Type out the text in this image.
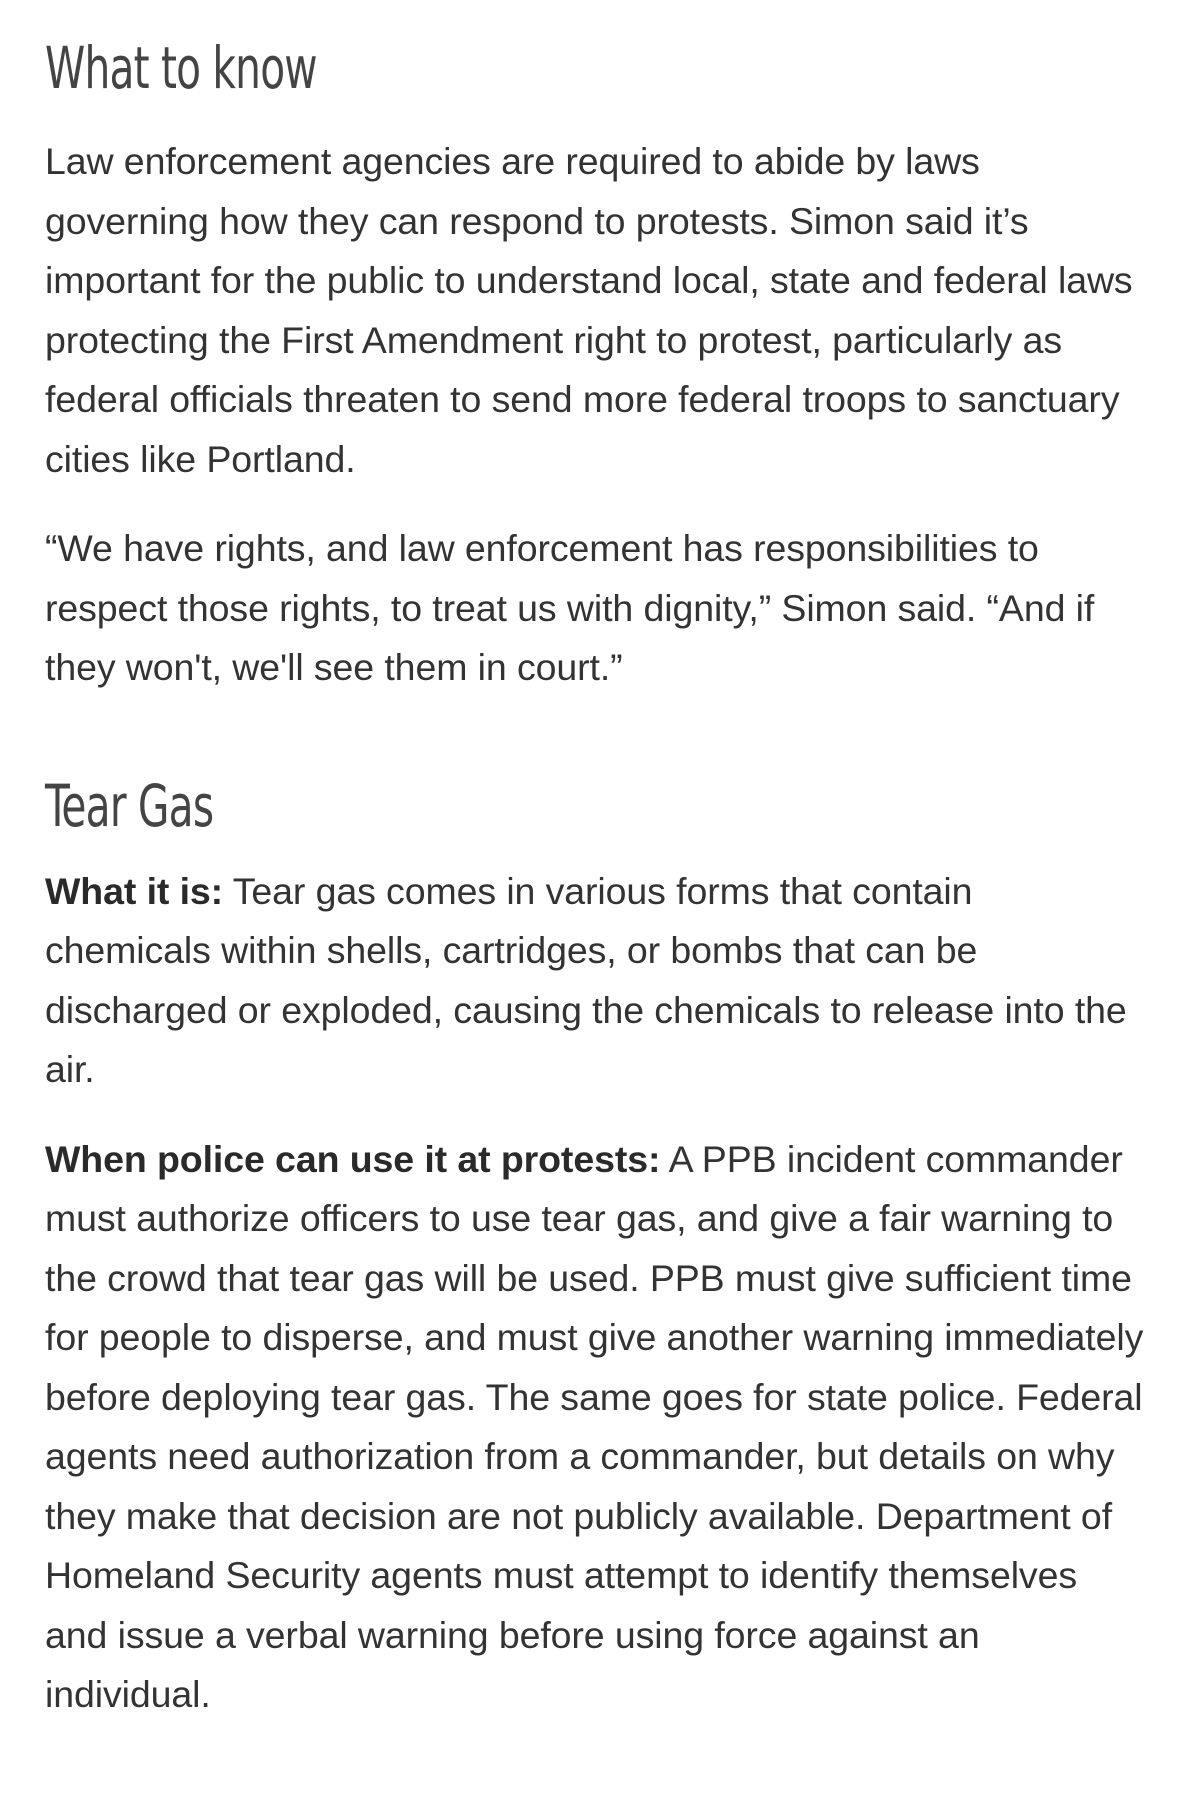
What to know

Law enforcement agencies are required to abide by laws governing how they can respond to protests. Simon said it’s important for the public to understand local, state and federal laws protecting the First Amendment right to protest, particularly as federal officials threaten to send more federal troops to sanctuary cities like Portland.

“We have rights, and law enforcement has responsibilities to respect those rights, to treat us with dignity,” Simon said. “And if they won't, we'll see them in court.”

Tear Gas

What it is: Tear gas comes in various forms that contain chemicals within shells, cartridges, or bombs that can be discharged or exploded, causing the chemicals to release into the air.

When police can use it at protests: A PPB incident commander must authorize officers to use tear gas, and give a fair warning to the crowd that tear gas will be used. PPB must give sufficient time for people to disperse, and must give another warning immediately before deploying tear gas. The same goes for state police. Federal agents need authorization from a commander, but details on why they make that decision are not publicly available. Department of Homeland Security agents must attempt to identify themselves and issue a verbal warning before using force against an individual.
